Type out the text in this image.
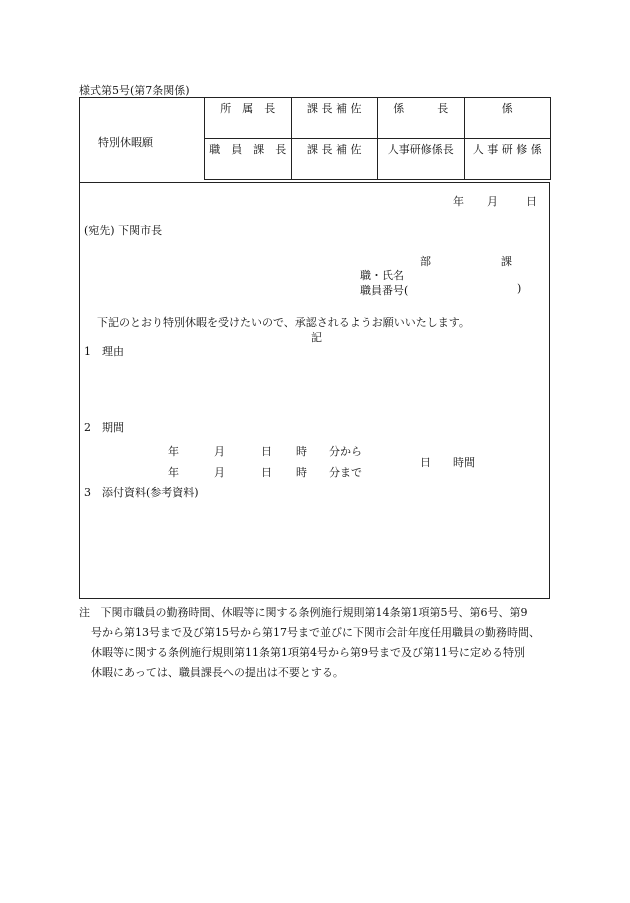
様式第5号(第7条関係)
特別休暇願
所　属　長	課 長 補 佐	係　　　長	係
職　員　課　長	課 長 補 佐	人事研修係長	人 事 研 修 係
年 月	日
(宛先) 下関市長
部	課
職・氏名
職員番号(	)
下記のとおり特別休暇を受けたいので、承認されるようお願いいたします。
記
1　理由
2　期間
年	月	日 時 分から
年	月	日 時 分まで
日 時間
3　添付資料(参考資料)
注 下関市職員の勤務時間、休暇等に関する条例施行規則第14条第1項第5号、第6号、第9
号から第13号まで及び第15号から第17号まで並びに下関市会計年度任用職員の勤務時間、
休暇等に関する条例施行規則第11条第1項第4号から第9号まで及び第11号に定める特別
休暇にあっては、職員課長への提出は不要とする。
